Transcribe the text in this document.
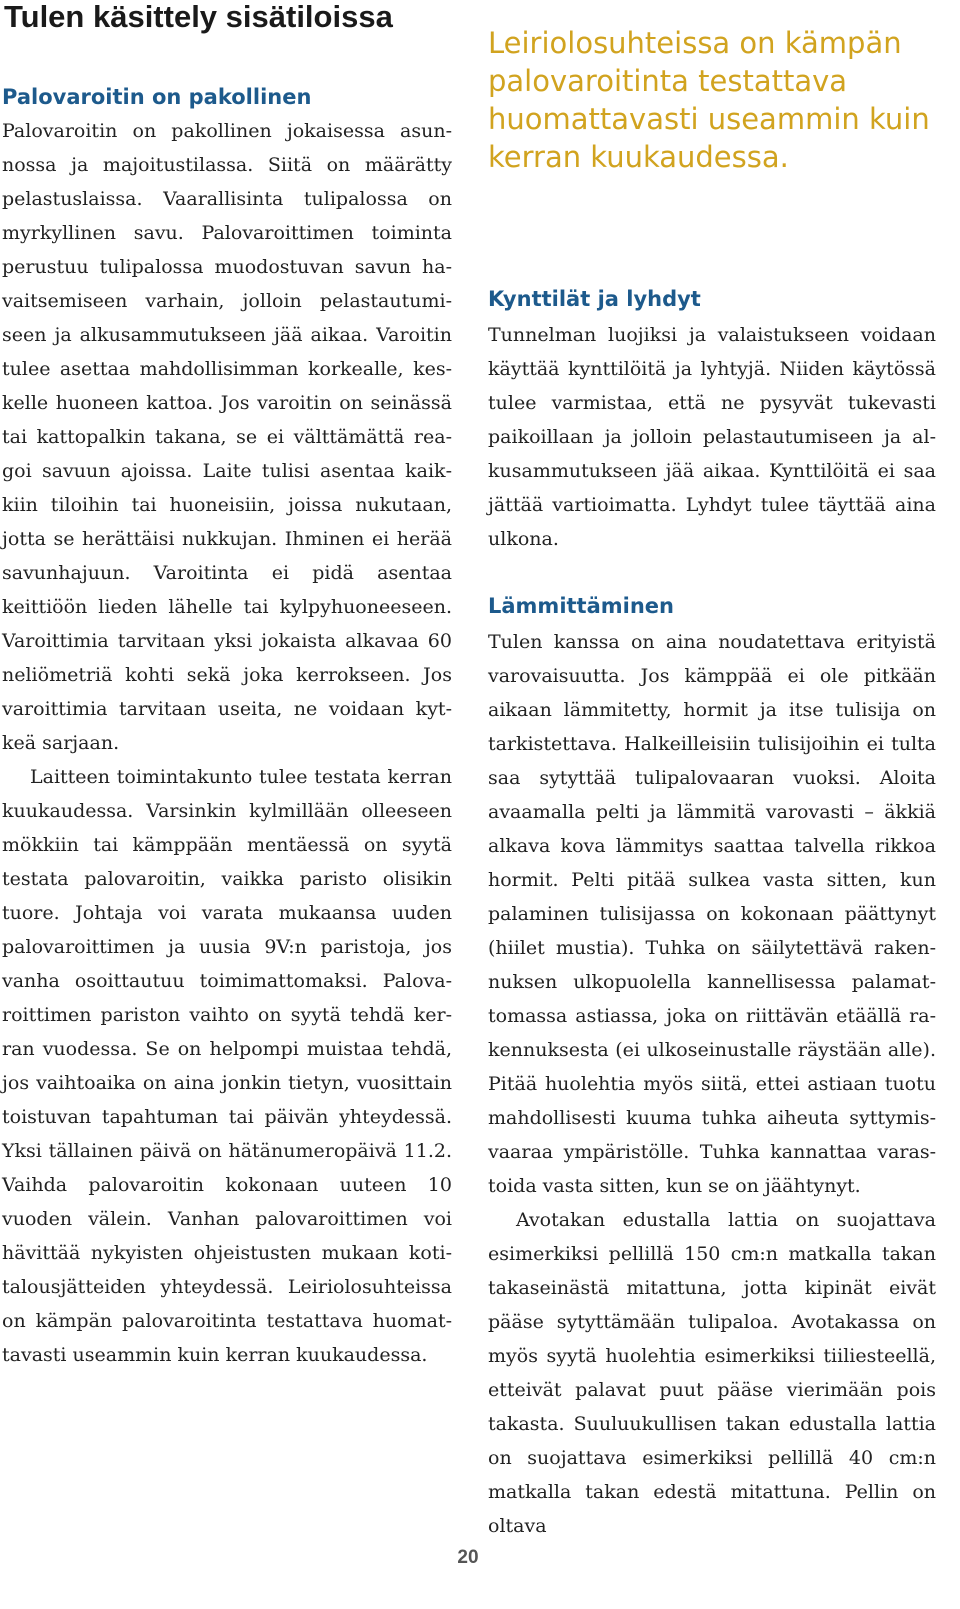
Tulen käsittely sisätiloissa
Palovaroitin on pakollinen

Palovaroitin on pakollinen jokaisessa asunnossa ja majoitustilassa. Siitä on määrätty pelastuslaissa. Vaarallisinta tulipalossa on myrkyllinen savu. Palovaroittimen toiminta perustuu tulipalossa muodostuvan savun havaitsemiseen varhain, jolloin pelastautumiseen ja alkusammutukseen jää aikaa. Varoitin tulee asettaa mahdollisimman korkealle, keskelle huoneen kattoa. Jos varoitin on seinässä tai kattopalkin takana, se ei välttämättä reagoi savuun ajoissa. Laite tulisi asentaa kaikkiin tiloihin tai huoneisiin, joissa nukutaan, jotta se herättäisi nukkujan. Ihminen ei herää savunhajuun. Varoitinta ei pidä asentaa keittiöön lieden lähelle tai kylpyhuoneeseen. Varoittimia tarvitaan yksi jokaista alkavaa 60 neliömetriä kohti sekä joka kerrokseen. Jos varoittimia tarvitaan useita, ne voidaan kytkeä sarjaan.

Laitteen toimintakunto tulee testata kerran kuukaudessa. Varsinkin kylmillään olleeseen mökkiin tai kämppään mentäessä on syytä testata palovaroitin, vaikka paristo olisikin tuore. Johtaja voi varata mukaansa uuden palovaroittimen ja uusia 9V:n paristoja, jos vanha osoittautuu toimimattomaksi. Palovaroittimen pariston vaihto on syytä tehdä kerran vuodessa. Se on helpompi muistaa tehdä, jos vaihtoaika on aina jonkin tietyn, vuosittain toistuvan tapahtuman tai päivän yhteydessä. Yksi tällainen päivä on hätänumeropäivä 11.2. Vaihda palovaroitin kokonaan uuteen 10 vuoden välein. Vanhan palovaroittimen voi hävittää nykyisten ohjeistusten mukaan kotitalousjätteiden yhteydessä. Leiriolosuhteissa on kämpän palovaroitinta testattava huomattavasti useammin kuin kerran kuukaudessa.

Leiriolosuhteissa on kämpän palovaroitinta testattava huomattavasti useammin kuin kerran kuukaudessa.

Kynttilät ja lyhdyt

Tunnelman luojiksi ja valaistukseen voidaan käyttää kynttilöitä ja lyhtyjä. Niiden käytössä tulee varmistaa, että ne pysyvät tukevasti paikoillaan ja jolloin pelastautumiseen ja alkusammutukseen jää aikaa. Kynttilöitä ei saa jättää vartioimatta. Lyhdyt tulee täyttää aina ulkona.

Lämmittäminen

Tulen kanssa on aina noudatettava erityistä varovaisuutta. Jos kämppää ei ole pitkään aikaan lämmitetty, hormit ja itse tulisija on tarkistettava. Halkeilleisiin tulisijoihin ei tulta saa sytyttää tulipalovaaran vuoksi. Aloita avaamalla pelti ja lämmitä varovasti – äkkiä alkava kova lämmitys saattaa talvella rikkoa hormit. Pelti pitää sulkea vasta sitten, kun palaminen tulisijassa on kokonaan päättynyt (hiilet mustia). Tuhka on säilytettävä rakennuksen ulkopuolella kannellisessa palamattomassa astiassa, joka on riittävän etäällä rakennuksesta (ei ulkoseinustalle räystään alle). Pitää huolehtia myös siitä, ettei astiaan tuotu mahdollisesti kuuma tuhka aiheuta syttymisvaaraa ympäristölle. Tuhka kannattaa varastoida vasta sitten, kun se on jäähtynyt.

Avotakan edustalla lattia on suojattava esimerkiksi pellillä 150 cm:n matkalla takan takaseinästä mitattuna, jotta kipinät eivät pääse sytyttämään tulipaloa. Avotakassa on myös syytä huolehtia esimerkiksi tiiliesteellä, etteivät palavat puut pääse vierimään pois takasta. Suuluukullisen takan edustalla lattia on suojattava esimerkiksi pellillä 40 cm:n matkalla takan edestä mitattuna. Pellin on oltava

20
